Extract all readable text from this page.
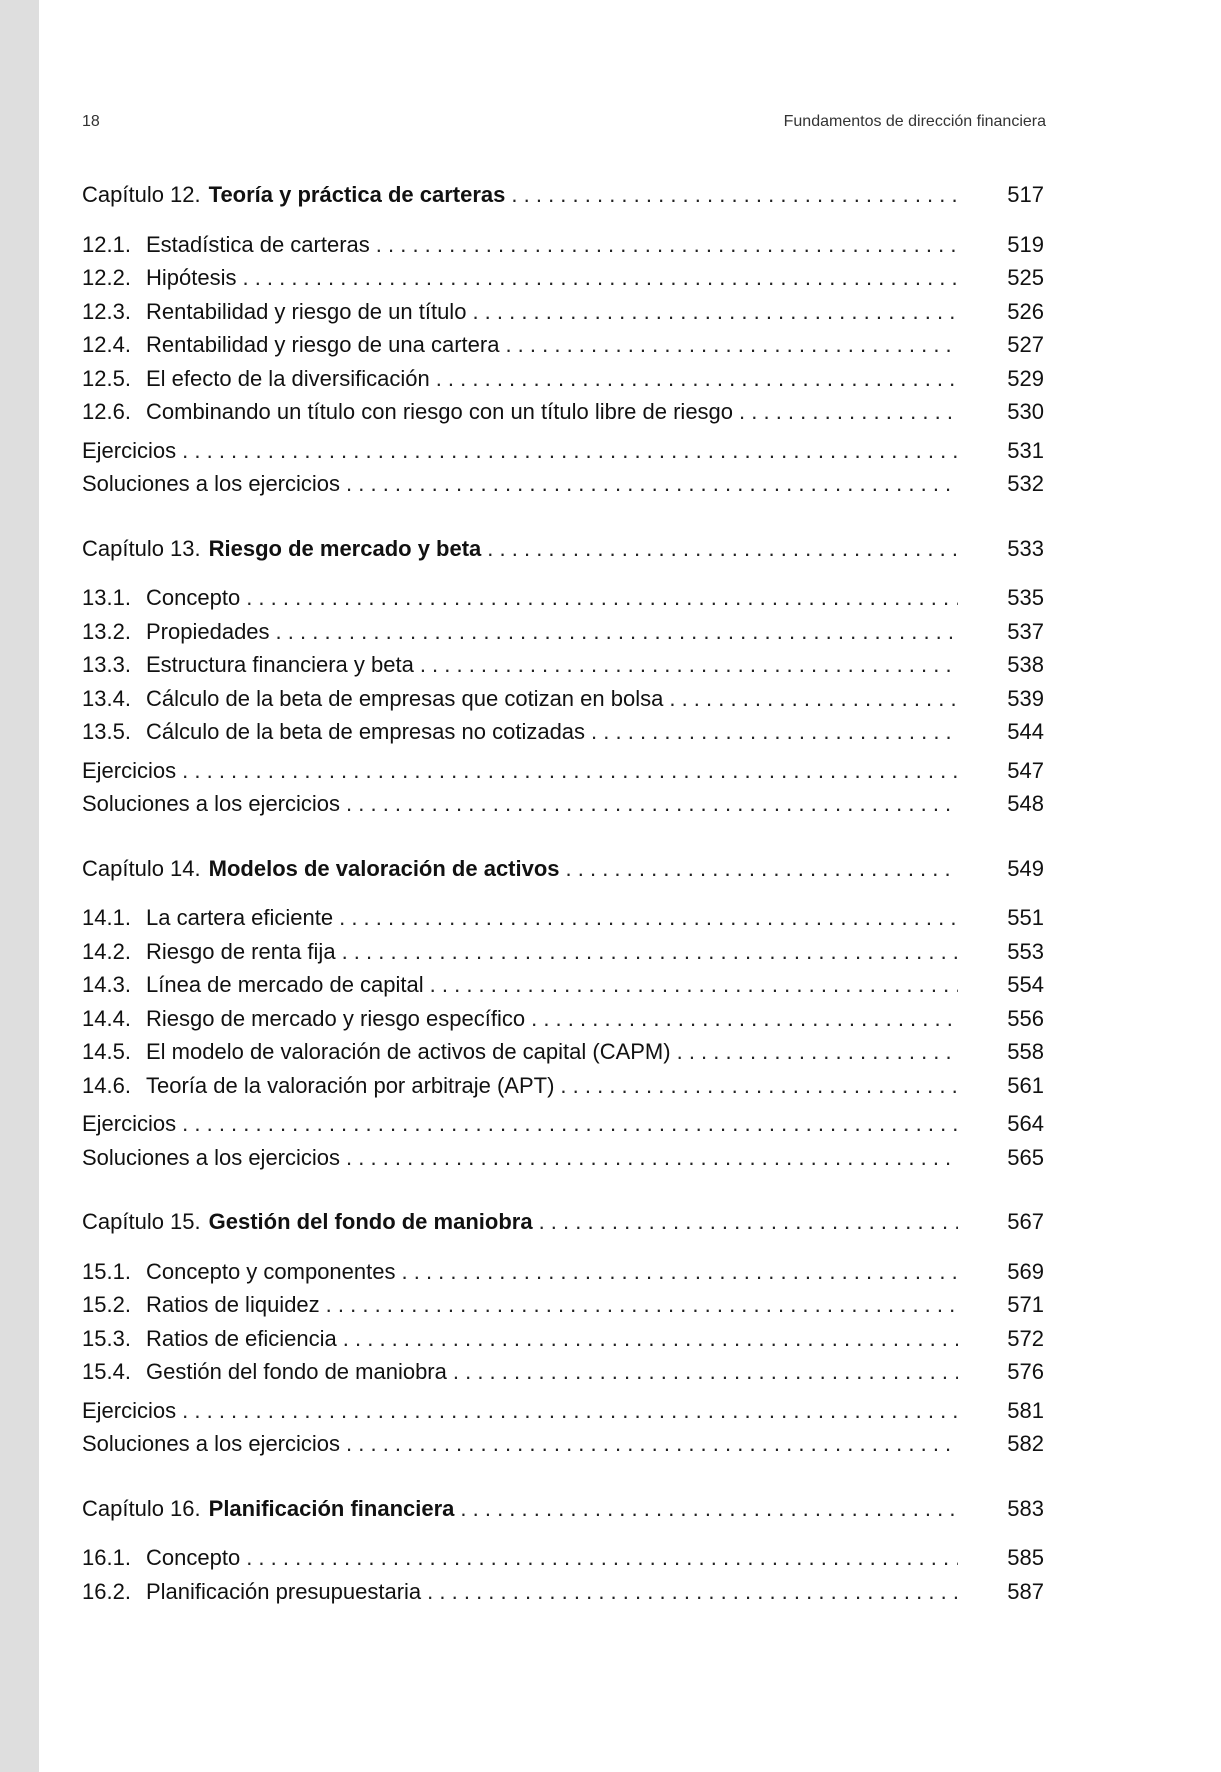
18	Fundamentos de dirección financiera
Capítulo 12. Teoría y práctica de carteras . . .	517
12.1. Estadística de carteras . . .	519
12.2. Hipótesis . . .	525
12.3. Rentabilidad y riesgo de un título . . .	526
12.4. Rentabilidad y riesgo de una cartera . . .	527
12.5. El efecto de la diversificación . . .	529
12.6. Combinando un título con riesgo con un título libre de riesgo . . .	530
Ejercicios . . .	531
Soluciones a los ejercicios . . .	532
Capítulo 13. Riesgo de mercado y beta . . .	533
13.1. Concepto . . .	535
13.2. Propiedades . . .	537
13.3. Estructura financiera y beta . . .	538
13.4. Cálculo de la beta de empresas que cotizan en bolsa . . .	539
13.5. Cálculo de la beta de empresas no cotizadas . . .	544
Ejercicios . . .	547
Soluciones a los ejercicios . . .	548
Capítulo 14. Modelos de valoración de activos . . .	549
14.1. La cartera eficiente . . .	551
14.2. Riesgo de renta fija . . .	553
14.3. Línea de mercado de capital . . .	554
14.4. Riesgo de mercado y riesgo específico . . .	556
14.5. El modelo de valoración de activos de capital (CAPM) . . .	558
14.6. Teoría de la valoración por arbitraje (APT) . . .	561
Ejercicios . . .	564
Soluciones a los ejercicios . . .	565
Capítulo 15. Gestión del fondo de maniobra . . .	567
15.1. Concepto y componentes . . .	569
15.2. Ratios de liquidez . . .	571
15.3. Ratios de eficiencia . . .	572
15.4. Gestión del fondo de maniobra . . .	576
Ejercicios . . .	581
Soluciones a los ejercicios . . .	582
Capítulo 16. Planificación financiera . . .	583
16.1. Concepto . . .	585
16.2. Planificación presupuestaria . . .	587
